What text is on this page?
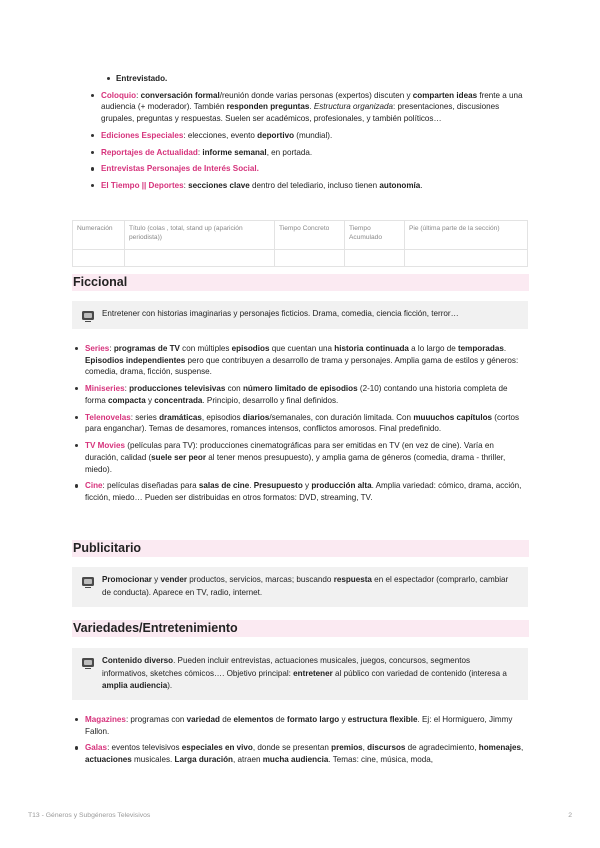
Entrevistado.
Coloquio: conversación formal/reunión donde varias personas (expertos) discuten y comparten ideas frente a una audiencia (+ moderador). También responden preguntas. Estructura organizada: presentaciones, discusiones grupales, preguntas y respuestas. Suelen ser académicos, profesionales, y también políticos…
Ediciones Especiales: elecciones, evento deportivo (mundial).
Reportajes de Actualidad: informe semanal, en portada.
Entrevistas Personajes de Interés Social.
El Tiempo || Deportes: secciones clave dentro del telediario, incluso tienen autonomía.
Numeración	Título (colas , total, stand up (aparición periodista))	Tiempo Concreto	Tiempo Acumulado	Pie (última parte de la sección)

Ficcional
Entretener con historias imaginarias y personajes ficticios. Drama, comedia, ciencia ficción, terror…
Series: programas de TV con múltiples episodios que cuentan una historia continuada a lo largo de temporadas. Episodios independientes pero que contribuyen a desarrollo de trama y personajes. Amplia gama de estilos y géneros: comedia, drama, ficción, suspense.
Miniseries: producciones televisivas con número limitado de episodios (2-10) contando una historia completa de forma compacta y concentrada. Principio, desarrollo y final definidos.
Telenovelas: series dramáticas, episodios diarios/semanales, con duración limitada. Con muuuchos capítulos (cortos para enganchar). Temas de desamores, romances intensos, conflictos amorosos. Final predefinido.
TV Movies (películas para TV): producciones cinematográficas para ser emitidas en TV (en vez de cine). Varía en duración, calidad (suele ser peor al tener menos presupuesto), y amplia gama de géneros (comedia, drama - thriller, miedo).
Cine: películas diseñadas para salas de cine. Presupuesto y producción alta. Amplia variedad: cómico, drama, acción, ficción, miedo… Pueden ser distribuidas en otros formatos: DVD, streaming, TV.
Publicitario
Promocionar y vender productos, servicios, marcas; buscando respuesta en el espectador (comprarlo, cambiar de conducta). Aparece en TV, radio, internet.
Variedades/Entretenimiento
Contenido diverso. Pueden incluir entrevistas, actuaciones musicales, juegos, concursos, segmentos informativos, sketches cómicos…. Objetivo principal: entretener al público con variedad de contenido (interesa a amplia audiencia).
Magazines: programas con variedad de elementos de formato largo y estructura flexible. Ej: el Hormiguero, Jimmy Fallon.
Galas: eventos televisivos especiales en vivo, donde se presentan premios, discursos de agradecimiento, homenajes, actuaciones musicales. Larga duración, atraen mucha audiencia. Temas: cine, música, moda,
T13 - Géneros y Subgéneros Televisivos	2
